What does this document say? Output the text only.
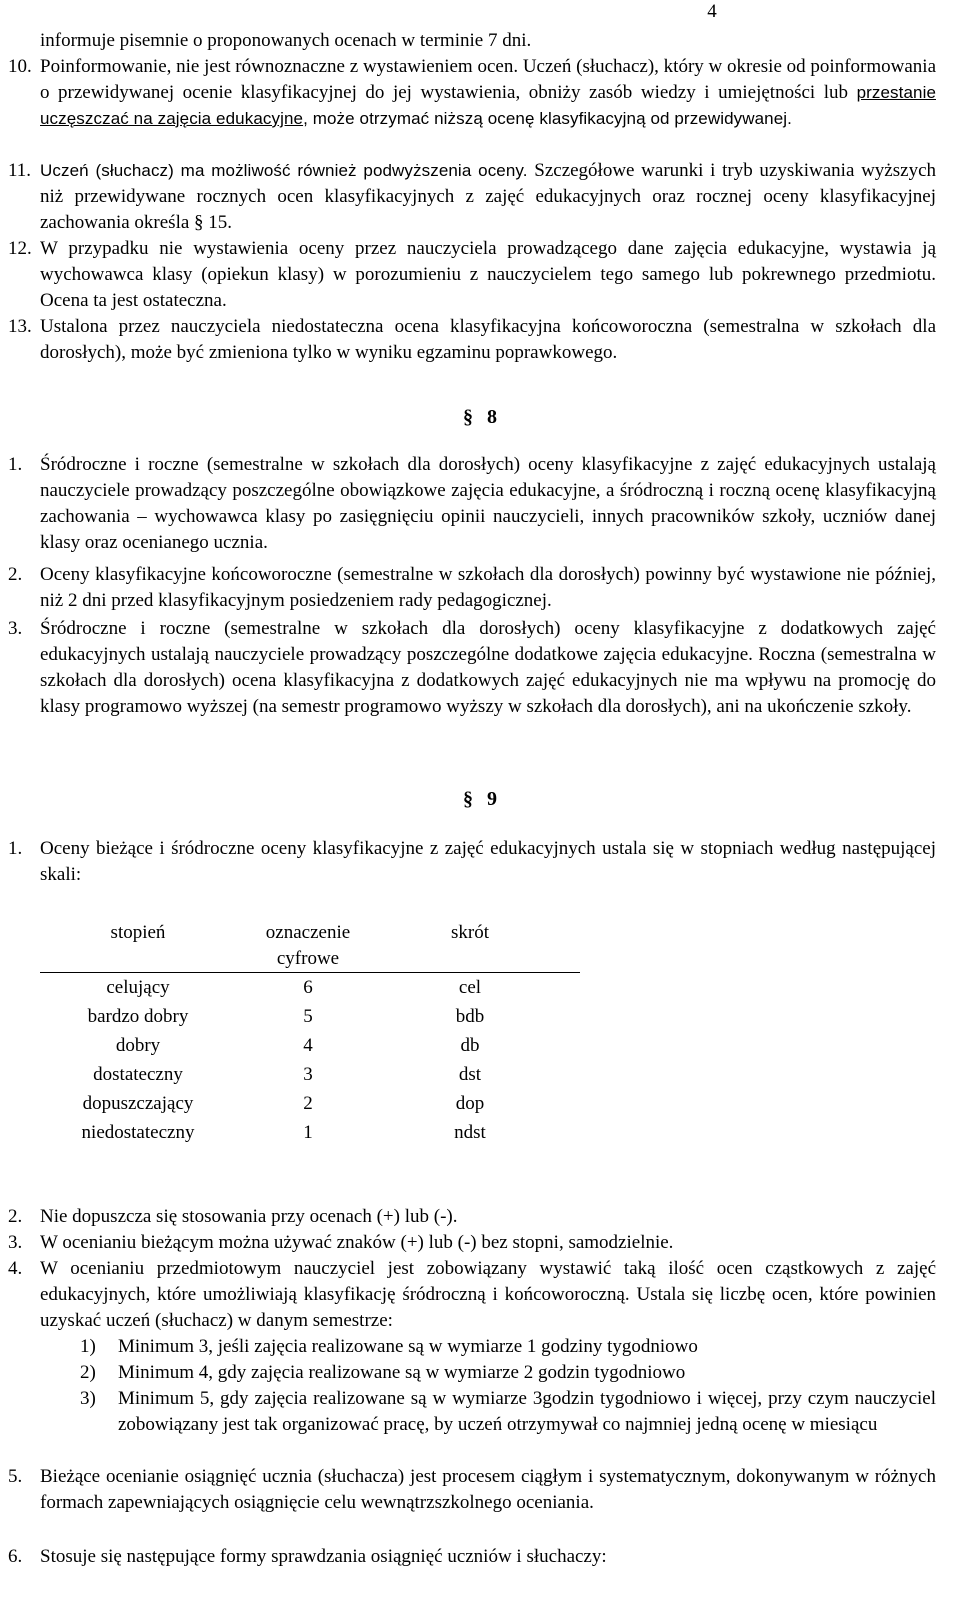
4
informuje pisemnie o proponowanych ocenach w terminie 7 dni.
10. Poinformowanie, nie jest równoznaczne z wystawieniem ocen. Uczeń (słuchacz), który w okresie od poinformowania o przewidywanej ocenie klasyfikacyjnej do jej wystawienia, obniży zasób wiedzy i umiejętności lub przestanie uczęszczać na zajęcia edukacyjne, może otrzymać niższą ocenę klasyfikacyjną od przewidywanej.
11. Uczeń (słuchacz) ma możliwość również podwyższenia oceny. Szczegółowe warunki i tryb uzyskiwania wyższych niż przewidywane rocznych ocen klasyfikacyjnych z zajęć edukacyjnych oraz rocznej oceny klasyfikacyjnej zachowania określa § 15.
12. W przypadku nie wystawienia oceny przez nauczyciela prowadzącego dane zajęcia edukacyjne, wystawia ją wychowawca klasy (opiekun klasy) w porozumieniu z nauczycielem tego samego lub pokrewnego przedmiotu. Ocena ta jest ostateczna.
13. Ustalona przez nauczyciela niedostateczna ocena klasyfikacyjna końcoworoczna (semestralna w szkołach dla dorosłych), może być zmieniona tylko w wyniku egzaminu poprawkowego.
§ 8
1. Śródroczne i roczne (semestralne w szkołach dla dorosłych) oceny klasyfikacyjne z zajęć edukacyjnych ustalają nauczyciele prowadzący poszczególne obowiązkowe zajęcia edukacyjne, a śródroczną i roczną ocenę klasyfikacyjną zachowania – wychowawca klasy po zasięgnięciu opinii nauczycieli, innych pracowników szkoły, uczniów danej klasy oraz ocenianego ucznia.
2. Oceny klasyfikacyjne końcoworoczne (semestralne w szkołach dla dorosłych) powinny być wystawione nie później, niż 2 dni przed klasyfikacyjnym posiedzeniem rady pedagogicznej.
3. Śródroczne i roczne (semestralne w szkołach dla dorosłych) oceny klasyfikacyjne z dodatkowych zajęć edukacyjnych ustalają nauczyciele prowadzący poszczególne dodatkowe zajęcia edukacyjne. Roczna (semestralna w szkołach dla dorosłych) ocena klasyfikacyjna z dodatkowych zajęć edukacyjnych nie ma wpływu na promocję do klasy programowo wyższej (na semestr programowo wyższy w szkołach dla dorosłych), ani na ukończenie szkoły.
§ 9
1. Oceny bieżące i śródroczne oceny klasyfikacyjne z zajęć edukacyjnych ustala się w stopniach według następującej skali:
stopień	oznaczenie cyfrowe	skrót	
celujący	6	cel	
bardzo dobry	5	bdb	
dobry	4	db	
dostateczny	3	dst	
dopuszczający	2	dop	
niedostateczny	1	ndst	
2. Nie dopuszcza się stosowania przy ocenach (+) lub (-).
3. W ocenianiu bieżącym można używać znaków (+) lub (-) bez stopni, samodzielnie.
4. W ocenianiu przedmiotowym nauczyciel jest zobowiązany wystawić taką ilość ocen cząstkowych z zajęć edukacyjnych, które umożliwiają klasyfikację śródroczną i końcoworoczną. Ustala się liczbę ocen, które powinien uzyskać uczeń (słuchacz) w danym semestrze:
1) Minimum 3, jeśli zajęcia realizowane są w wymiarze 1 godziny tygodniowo
2) Minimum 4, gdy zajęcia realizowane są w wymiarze 2 godzin tygodniowo
3) Minimum 5, gdy zajęcia realizowane są w wymiarze 3godzin tygodniowo i więcej, przy czym nauczyciel zobowiązany jest tak organizować pracę, by uczeń otrzymywał co najmniej jedną ocenę w miesiącu
5. Bieżące ocenianie osiągnięć ucznia (słuchacza) jest procesem ciągłym i systematycznym, dokonywanym w różnych formach zapewniających osiągnięcie celu wewnątrzszkolnego oceniania.
6. Stosuje się następujące formy sprawdzania osiągnięć uczniów i słuchaczy:
